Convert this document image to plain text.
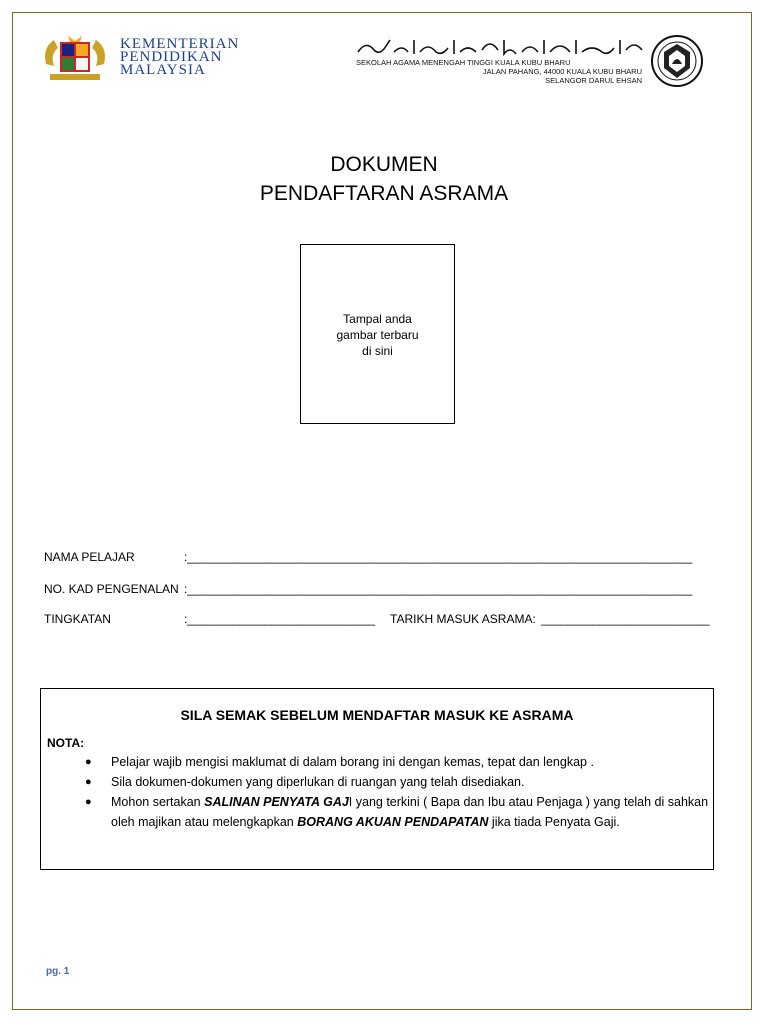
KEMENTERIAN
PENDIDIKAN
MALAYSIA	SEKOLAH AGAMA MENENGAH TINGGI KUALA KUBU BHARU
JALAN PAHANG, 44000 KUALA KUBU BHARU
SELANGOR DARUL EHSAN
DOKUMEN
PENDAFTARAN ASRAMA
Tampal anda
gambar terbaru
di sini
NAMA PELAJAR	:______________________________________________________________________________
NO. KAD PENGENALAN :______________________________________________________________________________
TINGKATAN	:_____________________________ TARIKH MASUK ASRAMA: __________________________
SILA SEMAK SEBELUM MENDAFTAR MASUK KE ASRAMA
NOTA:
● Pelajar wajib mengisi maklumat di dalam borang ini dengan kemas, tepat dan lengkap .
● Sila dokumen-dokumen yang diperlukan di ruangan yang telah disediakan.
● Mohon sertakan SALINAN PENYATA GAJI yang terkini ( Bapa dan Ibu atau Penjaga ) yang telah di sahkan oleh majikan atau melengkapkan BORANG AKUAN PENDAPATAN jika tiada Penyata Gaji.
pg. 1
